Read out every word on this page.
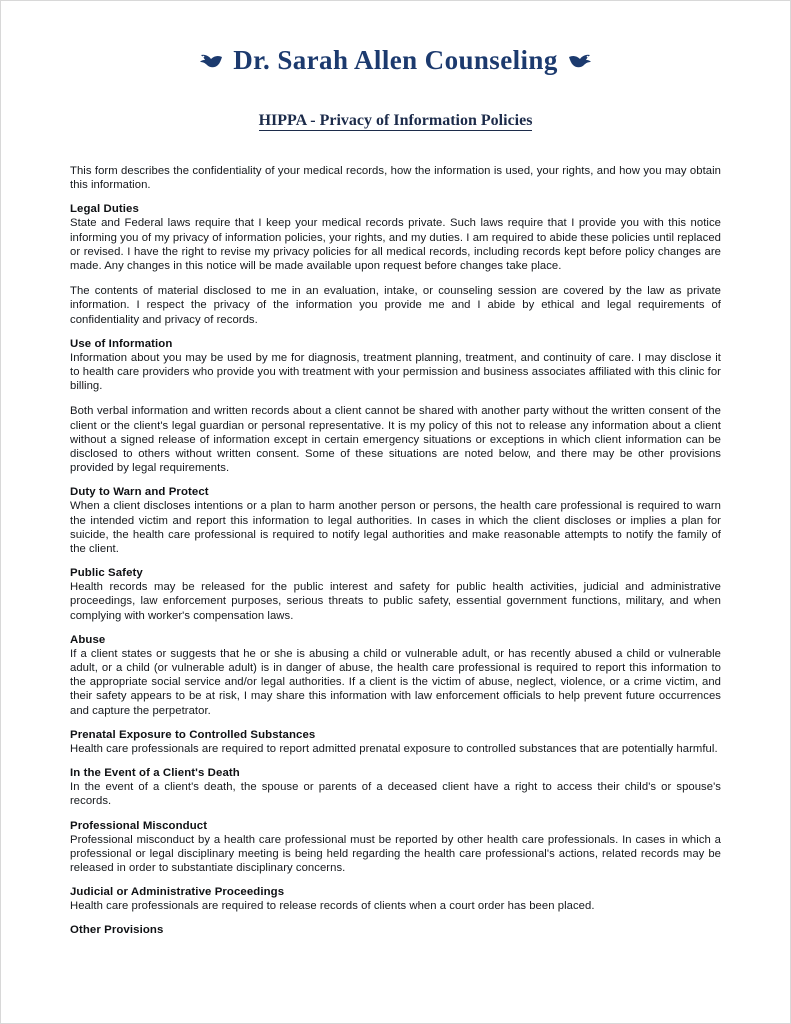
Dr. Sarah Allen Counseling
HIPPA - Privacy of Information Policies

This form describes the confidentiality of your medical records, how the information is used, your rights, and how you may obtain this information.

Legal Duties

State and Federal laws require that I keep your medical records private. Such laws require that I provide you with this notice informing you of my privacy of information policies, your rights, and my duties. I am required to abide these policies until replaced or revised. I have the right to revise my privacy policies for all medical records, including records kept before policy changes are made. Any changes in this notice will be made available upon request before changes take place.

The contents of material disclosed to me in an evaluation, intake, or counseling session are covered by the law as private information. I respect the privacy of the information you provide me and I abide by ethical and legal requirements of confidentiality and privacy of records.

Use of Information

Information about you may be used by me for diagnosis, treatment planning, treatment, and continuity of care. I may disclose it to health care providers who provide you with treatment with your permission and business associates affiliated with this clinic for billing.

Both verbal information and written records about a client cannot be shared with another party without the written consent of the client or the client's legal guardian or personal representative. It is my policy of this not to release any information about a client without a signed release of information except in certain emergency situations or exceptions in which client information can be disclosed to others without written consent. Some of these situations are noted below, and there may be other provisions provided by legal requirements.

Duty to Warn and Protect

When a client discloses intentions or a plan to harm another person or persons, the health care professional is required to warn the intended victim and report this information to legal authorities. In cases in which the client discloses or implies a plan for suicide, the health care professional is required to notify legal authorities and make reasonable attempts to notify the family of the client.

Public Safety

Health records may be released for the public interest and safety for public health activities, judicial and administrative proceedings, law enforcement purposes, serious threats to public safety, essential government functions, military, and when complying with worker's compensation laws.

Abuse

If a client states or suggests that he or she is abusing a child or vulnerable adult, or has recently abused a child or vulnerable adult, or a child (or vulnerable adult) is in danger of abuse, the health care professional is required to report this information to the appropriate social service and/or legal authorities. If a client is the victim of abuse, neglect, violence, or a crime victim, and their safety appears to be at risk, I may share this information with law enforcement officials to help prevent future occurrences and capture the perpetrator.

Prenatal Exposure to Controlled Substances

Health care professionals are required to report admitted prenatal exposure to controlled substances that are potentially harmful.

In the Event of a Client's Death

In the event of a client's death, the spouse or parents of a deceased client have a right to access their child's or spouse's records.

Professional Misconduct

Professional misconduct by a health care professional must be reported by other health care professionals. In cases in which a professional or legal disciplinary meeting is being held regarding the health care professional's actions, related records may be released in order to substantiate disciplinary concerns.

Judicial or Administrative Proceedings

Health care professionals are required to release records of clients when a court order has been placed.

Other Provisions
